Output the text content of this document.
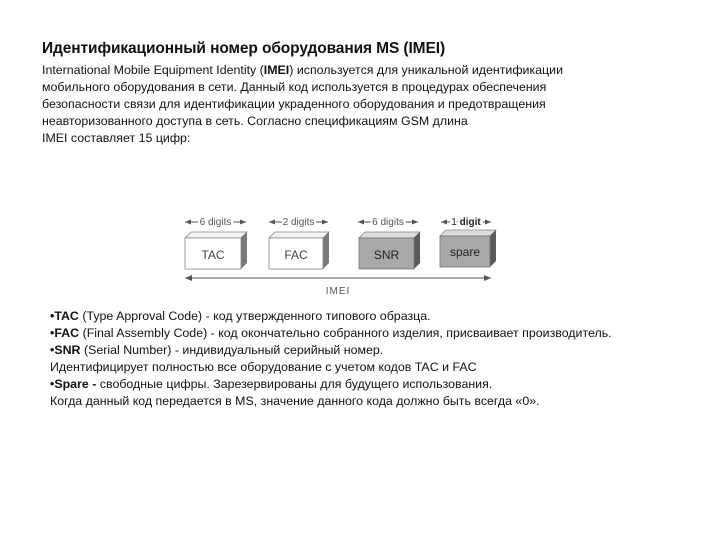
Идентификационный номер оборудования MS (IMEI)
International Mobile Equipment Identity (IMEI) используется для уникальной идентификации
мобильного оборудования в сети. Данный код используется в процедурах обеспечения
безопасности связи для идентификации украденного оборудования и предотвращения
неавторизованного доступа в сеть. Согласно спецификациям GSM длина
IMEI составляет 15 цифр:
6 digits
TAC
2 digits
FAC
6 digits
SNR
1 digit
spare
IMEI
•TAC (Type Approval Code) - код утвержденного типового образца.
•FAC (Final Assembly Code) - код окончательно собранного изделия, присваивает производитель.
•SNR (Serial Number) - индивидуальный серийный номер.
Идентифицирует полностью все оборудование с учетом кодов TAC и FAC
•Spare - свободные цифры. Зарезервированы для будущего использования.
Когда данный код передается в MS, значение данного кода должно быть всегда «0».
